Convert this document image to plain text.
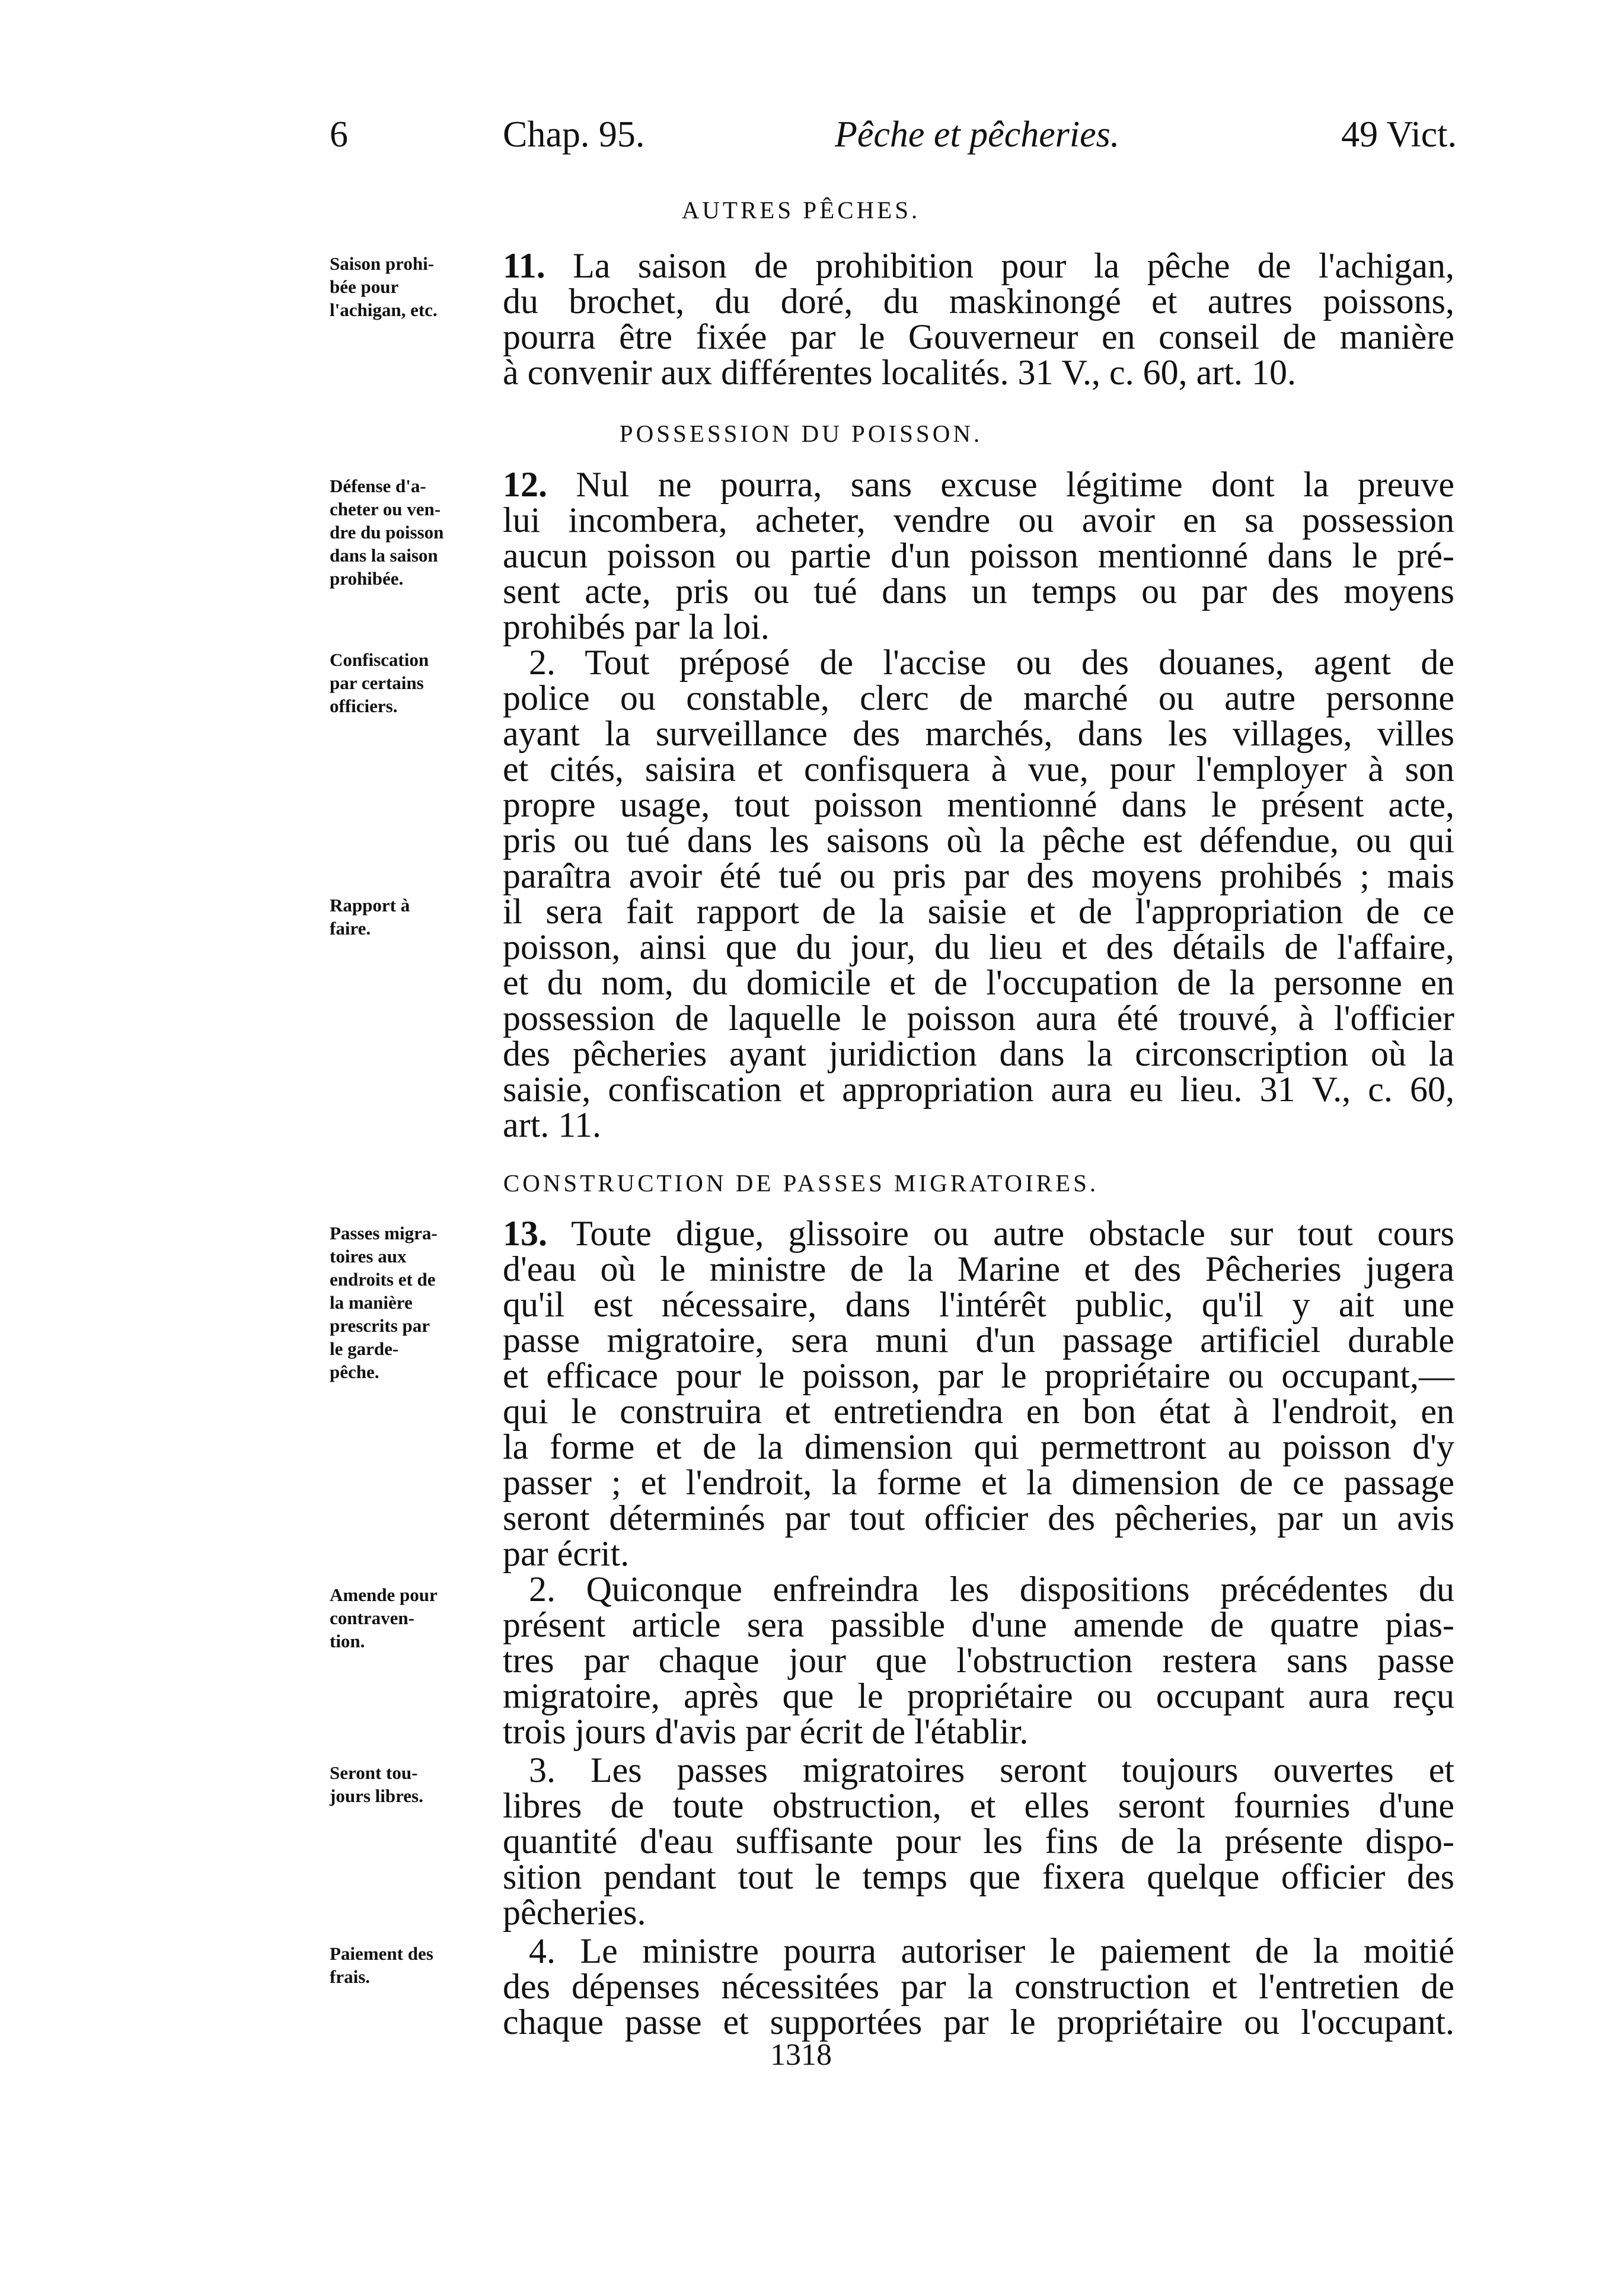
6	Chap. 95.	Pêche et pêcheries.	49 Vict.
AUTRES PÊCHES.
Saison prohi-
bée pour
l'achigan, etc.
11. La saison de prohibition pour la pêche de l'achigan,
du brochet, du doré, du maskinongé et autres poissons,
pourra être fixée par le Gouverneur en conseil de manière
à convenir aux différentes localités. 31 V., c. 60, art. 10.
POSSESSION DU POISSON.
Défense d'a-
cheter ou ven-
dre du poisson
dans la saison
prohibée.
Confiscation
par certains
officiers.
Rapport à
faire.
12. Nul ne pourra, sans excuse légitime dont la preuve
lui incombera, acheter, vendre ou avoir en sa possession
aucun poisson ou partie d'un poisson mentionné dans le pré-
sent acte, pris ou tué dans un temps ou par des moyens
prohibés par la loi.
2. Tout préposé de l'accise ou des douanes, agent de
police ou constable, clerc de marché ou autre personne
ayant la surveillance des marchés, dans les villages, villes
et cités, saisira et confisquera à vue, pour l'employer à son
propre usage, tout poisson mentionné dans le présent acte,
pris ou tué dans les saisons où la pêche est défendue, ou qui
paraîtra avoir été tué ou pris par des moyens prohibés ; mais
il sera fait rapport de la saisie et de l'appropriation de ce
poisson, ainsi que du jour, du lieu et des détails de l'affaire,
et du nom, du domicile et de l'occupation de la personne en
possession de laquelle le poisson aura été trouvé, à l'officier
des pêcheries ayant juridiction dans la circonscription où la
saisie, confiscation et appropriation aura eu lieu. 31 V., c. 60,
art. 11.
CONSTRUCTION DE PASSES MIGRATOIRES.
Passes migra-
toires aux
endroits et de
la manière
prescrits par
le garde-
pêche.
Amende pour
contraven-
tion.
Seront tou-
jours libres.
Paiement des
frais.
13. Toute digue, glissoire ou autre obstacle sur tout cours
d'eau où le ministre de la Marine et des Pêcheries jugera
qu'il est nécessaire, dans l'intérêt public, qu'il y ait une
passe migratoire, sera muni d'un passage artificiel durable
et efficace pour le poisson, par le propriétaire ou occupant,—
qui le construira et entretiendra en bon état à l'endroit, en
la forme et de la dimension qui permettront au poisson d'y
passer ; et l'endroit, la forme et la dimension de ce passage
seront déterminés par tout officier des pêcheries, par un avis
par écrit.
2. Quiconque enfreindra les dispositions précédentes du
présent article sera passible d'une amende de quatre pias-
tres par chaque jour que l'obstruction restera sans passe
migratoire, après que le propriétaire ou occupant aura reçu
trois jours d'avis par écrit de l'établir.
3. Les passes migratoires seront toujours ouvertes et
libres de toute obstruction, et elles seront fournies d'une
quantité d'eau suffisante pour les fins de la présente dispo-
sition pendant tout le temps que fixera quelque officier des
pêcheries.
4. Le ministre pourra autoriser le paiement de la moitié
des dépenses nécessitées par la construction et l'entretien de
chaque passe et supportées par le propriétaire ou l'occupant.
1318
